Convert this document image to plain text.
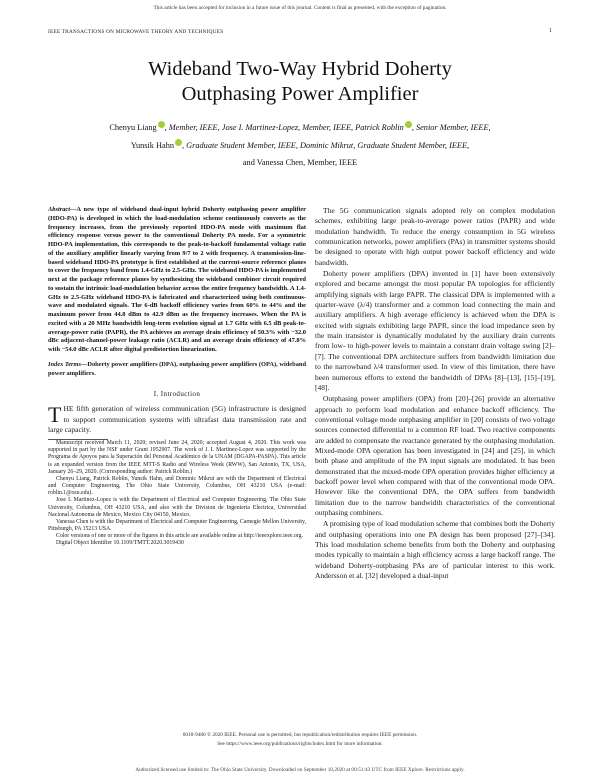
This article has been accepted for inclusion in a future issue of this journal. Content is final as presented, with the exception of pagination.
IEEE TRANSACTIONS ON MICROWAVE THEORY AND TECHNIQUES	1
Wideband Two-Way Hybrid Doherty
Outphasing Power Amplifier
Chenyu Liang , Member, IEEE, Jose I. Martinez-Lopez, Member, IEEE, Patrick Roblin , Senior Member, IEEE,
Yunsik Hahn , Graduate Student Member, IEEE, Dominic Mikrut, Graduate Student Member, IEEE,
and Vanessa Chen, Member, IEEE
Abstract—A new type of wideband dual-input hybrid Doherty outphasing power amplifier (HDO-PA) is developed in which the load-modulation scheme continuously converts as the frequency increases, from the previously reported HDO-PA mode with maximum flat efficiency response versus power to the conventional Doherty PA mode. For a symmetric HDO-PA implementation, this corresponds to the peak-to-backoff fundamental voltage ratio of the auxiliary amplifier linearly varying from 9/7 to 2 with frequency. A transmission-line-based wideband HDO-PA prototype is first established at the current-source reference planes to cover the frequency band from 1.4-GHz to 2.5-GHz. The wideband HDO-PA is implemented next at the package reference planes by synthesizing the wideband combiner circuit required to sustain the intrinsic load-modulation behavior across the entire frequency bandwidth. A 1.4-GHz to 2.5-GHz wideband HDO-PA is fabricated and characterized using both continuous-wave and modulated signals. The 6-dB backoff efficiency varies from 60% to 44% and the maximum power from 44.8 dBm to 42.9 dBm as the frequency increases. When the PA is excited with a 20 MHz bandwidth long-term evolution signal at 1.7 GHz with 6.5 dB peak-to-average-power ratio (PAPR), the PA achieves an average drain efficiency of 50.3% with −32.0 dBc adjacent-channel-power leakage ratio (ACLR) and an average drain efficiency of 47.8% with −54.0 dBc ACLR after digital predistortion linearization.
Index Terms—Doherty power amplifiers (DPA), outphasing power amplifiers (OPA), wideband power amplifiers.
I. Introduction
THE fifth generation of wireless communication (5G) infrastructure is designed to support communication systems with ultrafast data transmission rate and large capacity.
Manuscript received March 11, 2020; revised June 24, 2020; accepted August 4, 2020. This work was supported in part by the NSF under Grant 1952907. The work of J. I. Martinez-Lopez was supported by the Programa de Apoyos para la Superación del Personal Académico de la UNAM (DGAPA-PASPA). This article is an expanded version from the IEEE MTT-S Radio and Wireless Week (RWW), San Antonio, TX, USA, January 26–29, 2020. (Corresponding author: Patrick Roblin.)
Chenyu Liang, Patrick Roblin, Yunsik Hahn, and Dominic Mikrut are with the Department of Electrical and Computer Engineering, The Ohio State University, Columbus, OH 43210 USA (e-mail: roblin.1@osu.edu).
Jose I. Martinez-Lopez is with the Department of Electrical and Computer Engineering, The Ohio State University, Columbus, OH 43210 USA, and also with the Division de Ingenieria Electrica, Universidad Nacional Autonoma de Mexico, Mexico City 04150, Mexico.
Vanessa Chen is with the Department of Electrical and Computer Engineering, Carnegie Mellon University, Pittsburgh, PA 15213 USA.
Color versions of one or more of the figures in this article are available online at http://ieeexplore.ieee.org.
Digital Object Identifier 10.1109/TMTT.2020.3019430

The 5G communication signals adopted rely on complex modulation schemes, exhibiting large peak-to-average power ratios (PAPR) and wide modulation bandwidth. To reduce the energy consumption in 5G wireless communication networks, power amplifiers (PAs) in transmitter systems should be designed to operate with high output power backoff efficiency and wide bandwidth.

Doherty power amplifiers (DPA) invented in [1] have been extensively explored and became amongst the most popular PA topologies for efficiently amplifying signals with large PAPR. The classical DPA is implemented with a quarter-wave (λ/4) transformer and a common load connecting the main and auxiliary amplifiers. A high average efficiency is achieved when the DPA is excited with signals exhibiting large PAPR, since the load impedance seen by the main transistor is dynamically modulated by the auxiliary drain currents from low- to high-power levels to maintain a constant drain voltage swing [2]–[7]. The conventional DPA architecture suffers from bandwidth limitation due to the narrowband λ/4 transformer used. In view of this limitation, there have been numerous efforts to extend the bandwidth of DPAs [8]–[13], [15]–[19], [48].

Outphasing power amplifiers (OPA) from [20]–[26] provide an alternative approach to perform load modulation and enhance backoff efficiency. The conventional voltage mode outphasing amplifier in [20] consists of two voltage sources connected differential to a common RF load. Two reactive components are added to compensate the reactance generated by the outphasing modulation. Mixed-mode OPA operation has been investigated in [24] and [25], in which both phase and amplitude of the PA input signals are modulated. It has been demonstrated that the mixed-mode OPA operation provides higher efficiency at backoff power level when compared with that of the conventional mode OPA. However like the conventional DPA, the OPA suffers from bandwidth limitation due to the narrow bandwidth characteristics of the conventional outphasing combiners.

A promising type of load modulation scheme that combines both the Doherty and outphasing operations into one PA design has been proposed [27]–[34]. This load modulation scheme benefits from both the Doherty and outphasing modes typically to maintain a high efficiency across a large backoff range. The wideband Doherty-outphasing PAs are of particular interest to this work. Andersson et al. [32] developed a dual-input

0018-9480 © 2020 IEEE. Personal use is permitted, but republication/redistribution requires IEEE permission.
See https://www.ieee.org/publications/rights/index.html for more information.
Authorized licensed use limited to: The Ohio State University. Downloaded on September 10,2020 at 00:51:43 UTC from IEEE Xplore. Restrictions apply.
